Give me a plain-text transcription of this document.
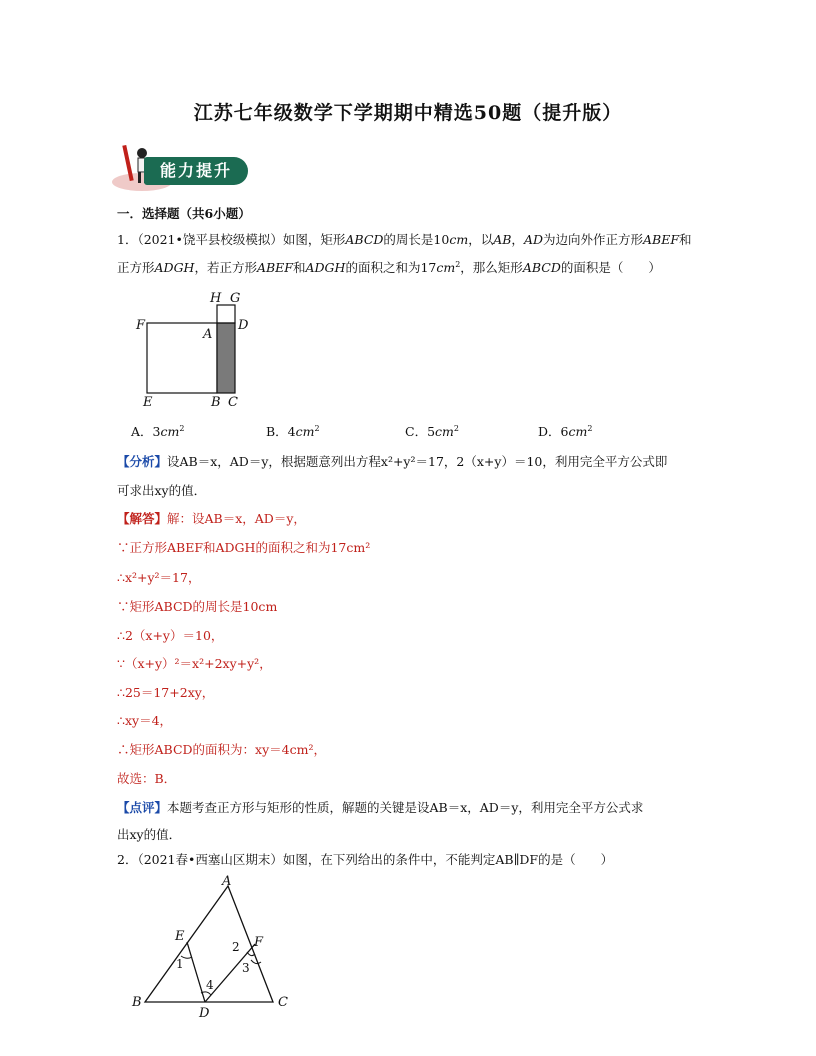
江苏七年级数学下学期期中精选50题（提升版）
能力提升
一．选择题（共6小题）
1．（2021•饶平县校级模拟）如图，矩形ABCD的周长是10cm，以AB，AD为边向外作正方形ABEF和
正方形ADGH，若正方形ABEF和ADGH的面积之和为$17cm^2$，那么矩形ABCD的面积是（　　）
H G
F
A
D
E	B C
A．$3cm^2$	B．$4cm^2$	C．$5cm^2$	D．$6cm^2$
【分析】设AB＝x，AD＝y，根据题意列出方程x²+y²＝17，2（x+y）＝10，利用完全平方公式即
可求出xy的值．
【解答】解：设AB＝x，AD＝y，
∵正方形ABEF和ADGH的面积之和为17cm²
∴x²+y²＝17，
∵矩形ABCD的周长是10cm
∴2（x+y）＝10，
∵（x+y）²＝x²+2xy+y²，
∴25＝17+2xy，
∴xy＝4，
∴矩形ABCD的面积为：xy＝4cm²，
故选：B．
【点评】本题考查正方形与矩形的性质，解题的关键是设AB＝x，AD＝y，利用完全平方公式求
出xy的值．
2．（2021春•西塞山区期末）如图，在下列给出的条件中，不能判定AB∥DF的是（　　）
A
E	F
1
2
3
4
B
D
C
